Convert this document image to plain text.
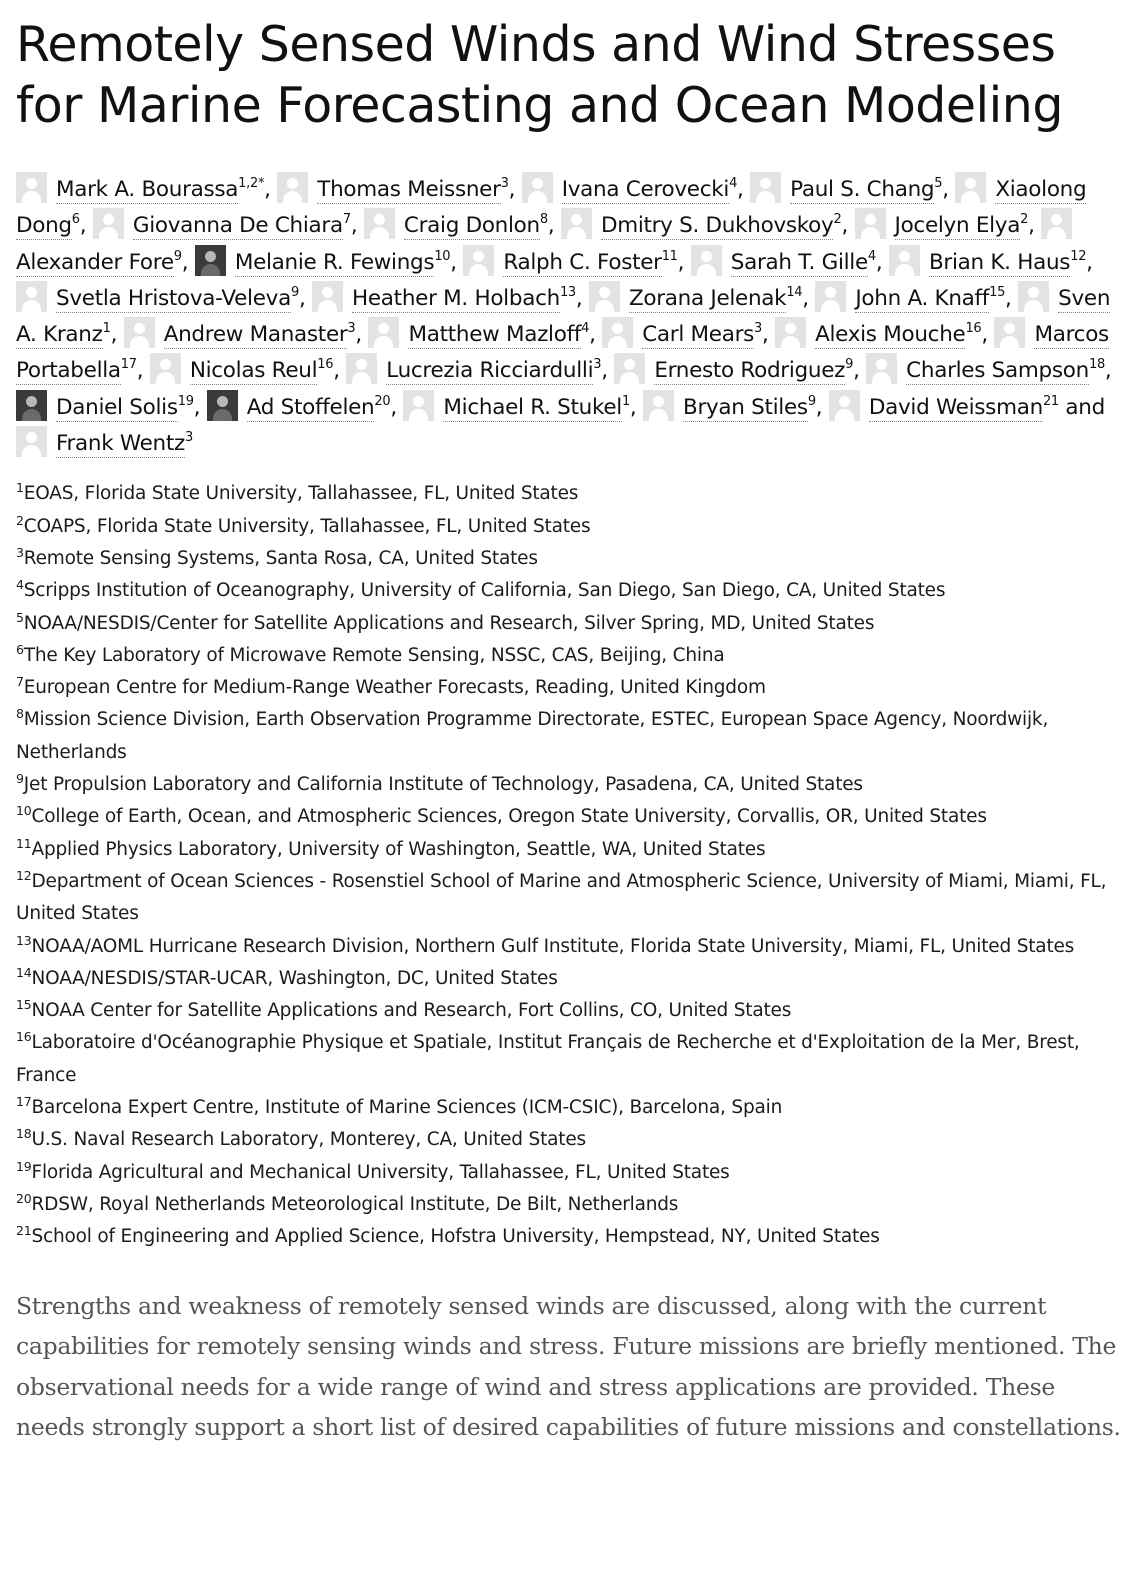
Remotely Sensed Winds and Wind Stresses for Marine Forecasting and Ocean Modeling
Mark A. Bourassa$^{1,2*}$,
Thomas Meissner$^3$,
Ivana Cerovecki$^4$,
Paul S. Chang$^5$,
Xiaolong Dong$^6$,
Giovanna De Chiara$^7$,
Craig Donlon$^8$,
Dmitry S. Dukhovskoy$^2$,
Jocelyn Elya$^2$,
Alexander Fore$^9$,
Melanie R. Fewings$^{10}$,
Ralph C. Foster$^{11}$,
Sarah T. Gille$^4$,
Brian K. Haus$^{12}$,
Svetla Hristova-Veleva$^9$,
Heather M. Holbach$^{13}$,
Zorana Jelenak$^{14}$,
John A. Knaff$^{15}$,
Sven A. Kranz$^1$,
Andrew Manaster$^3$,
Matthew Mazloff$^4$,
Carl Mears$^3$,
Alexis Mouche$^{16}$,
Marcos Portabella$^{17}$,
Nicolas Reul$^{16}$,
Lucrezia Ricciardulli$^3$,
Ernesto Rodriguez$^9$,
Charles Sampson$^{18}$,
Daniel Solis$^{19}$,
Ad Stoffelen$^{20}$,
Michael R. Stukel$^1$,
Bryan Stiles$^9$,
David Weissman$^{21}$ and
Frank Wentz$^3$
$^1$EOAS, Florida State University, Tallahassee, FL, United States
$^2$COAPS, Florida State University, Tallahassee, FL, United States
$^3$Remote Sensing Systems, Santa Rosa, CA, United States
$^4$Scripps Institution of Oceanography, University of California, San Diego, San Diego, CA, United States
$^5$NOAA/NESDIS/Center for Satellite Applications and Research, Silver Spring, MD, United States
$^6$The Key Laboratory of Microwave Remote Sensing, NSSC, CAS, Beijing, China
$^7$European Centre for Medium-Range Weather Forecasts, Reading, United Kingdom
$^8$Mission Science Division, Earth Observation Programme Directorate, ESTEC, European Space Agency, Noordwijk, Netherlands
$^9$Jet Propulsion Laboratory and California Institute of Technology, Pasadena, CA, United States
$^{10}$College of Earth, Ocean, and Atmospheric Sciences, Oregon State University, Corvallis, OR, United States
$^{11}$Applied Physics Laboratory, University of Washington, Seattle, WA, United States
$^{12}$Department of Ocean Sciences - Rosenstiel School of Marine and Atmospheric Science, University of Miami, Miami, FL, United States
$^{13}$NOAA/AOML Hurricane Research Division, Northern Gulf Institute, Florida State University, Miami, FL, United States
$^{14}$NOAA/NESDIS/STAR-UCAR, Washington, DC, United States
$^{15}$NOAA Center for Satellite Applications and Research, Fort Collins, CO, United States
$^{16}$Laboratoire d'Océanographie Physique et Spatiale, Institut Français de Recherche et d'Exploitation de la Mer, Brest, France
$^{17}$Barcelona Expert Centre, Institute of Marine Sciences (ICM-CSIC), Barcelona, Spain
$^{18}$U.S. Naval Research Laboratory, Monterey, CA, United States
$^{19}$Florida Agricultural and Mechanical University, Tallahassee, FL, United States
$^{20}$RDSW, Royal Netherlands Meteorological Institute, De Bilt, Netherlands
$^{21}$School of Engineering and Applied Science, Hofstra University, Hempstead, NY, United States

Strengths and weakness of remotely sensed winds are discussed, along with the current capabilities for remotely sensing winds and stress. Future missions are briefly mentioned. The observational needs for a wide range of wind and stress applications are provided. These needs strongly support a short list of desired capabilities of future missions and constellations.
